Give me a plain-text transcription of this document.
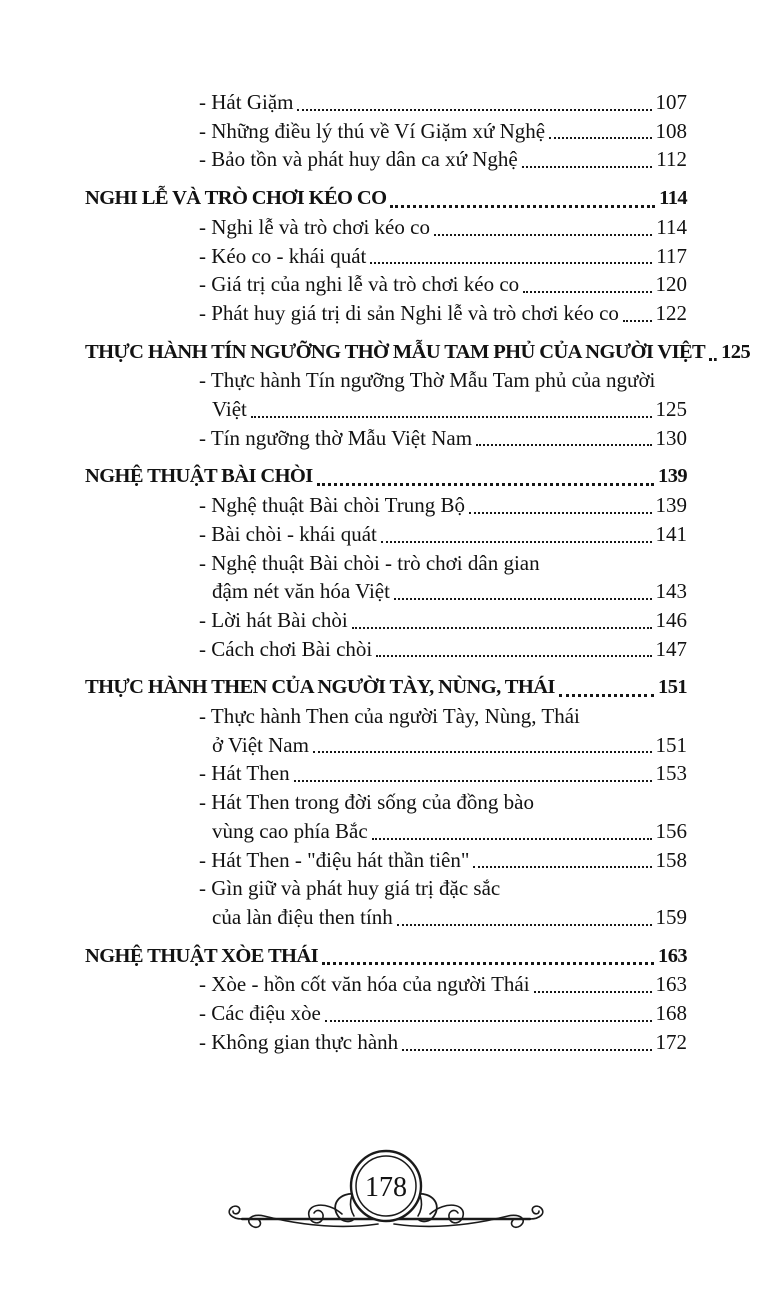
- Hát Giặm	107
- Những điều lý thú về Ví Giặm xứ Nghệ	108
- Bảo tồn và phát huy dân ca xứ Nghệ	112
NGHI LỄ VÀ TRÒ CHƠI KÉO CO	114
- Nghi lễ và trò chơi kéo co	114
- Kéo co - khái quát	117
- Giá trị của nghi lễ và trò chơi kéo co	120
- Phát huy giá trị di sản Nghi lễ và trò chơi kéo co 122
THỰC HÀNH TÍN NGƯỠNG THỜ MẪU TAM PHỦ CỦA NGƯỜI VIỆT 125
- Thực hành Tín ngưỡng Thờ Mẫu Tam phủ của người
Việt	125
- Tín ngưỡng thờ Mẫu Việt Nam	130
NGHỆ THUẬT BÀI CHÒI	139
- Nghệ thuật Bài chòi Trung Bộ	139
- Bài chòi - khái quát	141
- Nghệ thuật Bài chòi - trò chơi dân gian
đậm nét văn hóa Việt	143
- Lời hát Bài chòi	146
- Cách chơi Bài chòi	147
THỰC HÀNH THEN CỦA NGƯỜI TÀY, NÙNG, THÁI	151
- Thực hành Then của người Tày, Nùng, Thái
ở Việt Nam	151
- Hát Then	153
- Hát Then trong đời sống của đồng bào
vùng cao phía Bắc	156
- Hát Then - "điệu hát thần tiên"	158
- Gìn giữ và phát huy giá trị đặc sắc
của làn điệu then tính	159
NGHỆ THUẬT XÒE THÁI	163
- Xòe - hồn cốt văn hóa của người Thái	163
- Các điệu xòe	168
- Không gian thực hành	172
178
